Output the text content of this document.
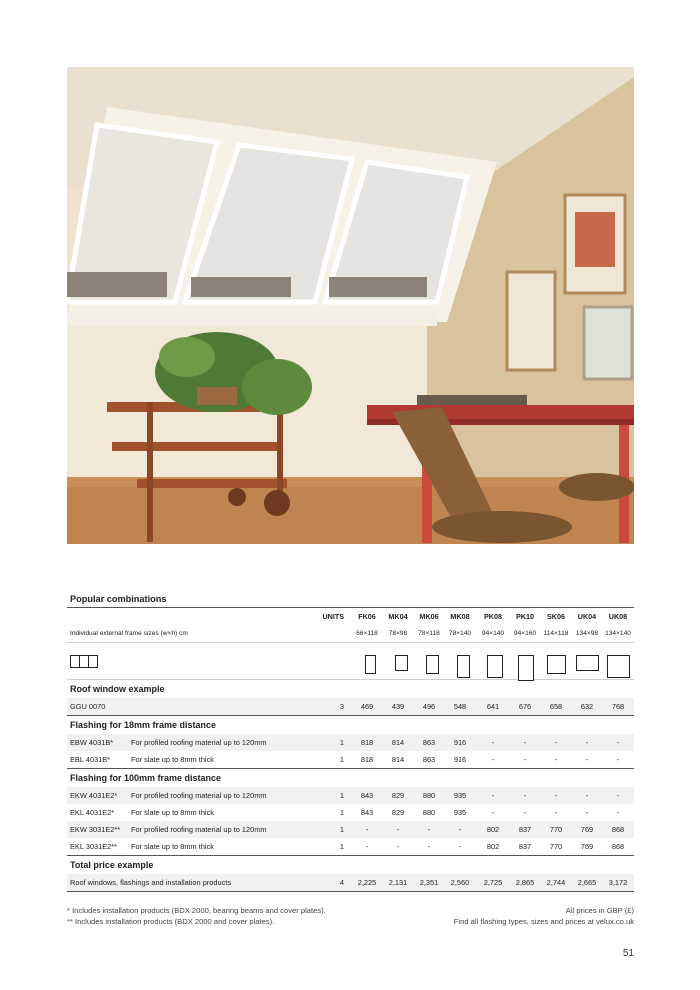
Popular combinations
UNITS	FK06	MK04	MK06	MK08	PK08	PK10	SK06	UK04	UK08
Individual external frame sizes (w×h) cm	66×118	78×98	78×118	78×140	94×140	94×160	114×118	134×98	134×140
Roof window example
GGU 0070	3	469	439	496	548	641	676	658	632	768
Flashing for 18mm frame distance
EBW 4031B* For profiled roofing material up to 120mm	1	818	814	863	916	-	-	-	-	-
EBL 4031B*	For slate up to 8mm thick	1	818	814	863	916	-	-	-	-	-
Flashing for 100mm frame distance
EKW 4031E2* For profiled roofing material up to 120mm	1	843	829	880	935	-	-	-	-	-
EKL 4031E2* For slate up to 8mm thick	1	843	829	880	935	-	-	-	-	-
EKW 3031E2** For profiled roofing material up to 120mm	1	-	-	-	-	802	837	770	769	868
EKL 3031E2** For slate up to 8mm thick	1	-	-	-	-	802	837	770	769	868
Total price example
Roof windows, flashings and installation products	4	2,225	2,131	2,351	2,560	2,725	2,865	2,744	2,665	3,172
* Includes installation products (BDX 2000, bearing beams and cover plates).
** Includes installation products (BDX 2000 and cover plates).
All prices in GBP (£)
Find all flashing types, sizes and prices at velux.co.uk
51
